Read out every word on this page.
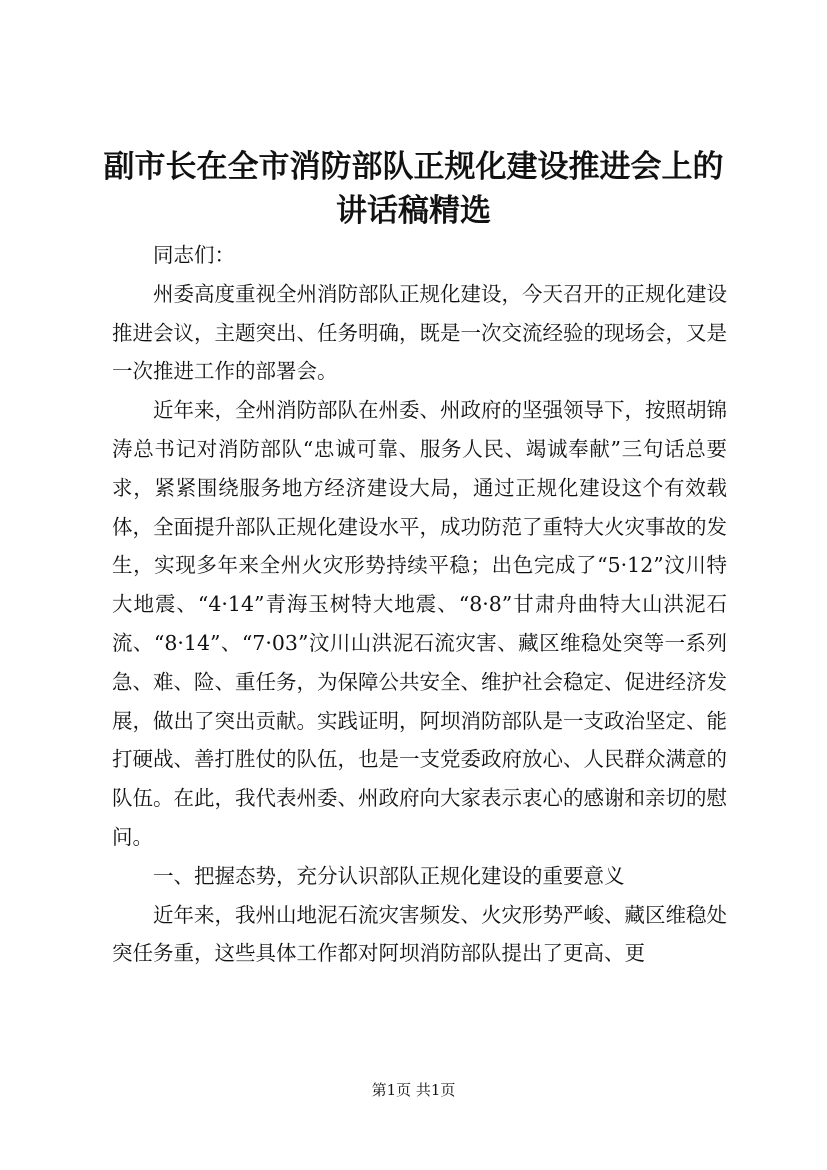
副市长在全市消防部队正规化建设推进会上的讲话稿精选

同志们：

州委高度重视全州消防部队正规化建设，今天召开的正规化建设推进会议，主题突出、任务明确，既是一次交流经验的现场会，又是一次推进工作的部署会。

近年来，全州消防部队在州委、州政府的坚强领导下，按照胡锦涛总书记对消防部队“忠诚可靠、服务人民、竭诚奉献”三句话总要求，紧紧围绕服务地方经济建设大局，通过正规化建设这个有效载体，全面提升部队正规化建设水平，成功防范了重特大火灾事故的发生，实现多年来全州火灾形势持续平稳；出色完成了“5·12”汶川特大地震、“4·14”青海玉树特大地震、“8·8”甘肃舟曲特大山洪泥石流、“8·14”、“7·03”汶川山洪泥石流灾害、藏区维稳处突等一系列急、难、险、重任务，为保障公共安全、维护社会稳定、促进经济发展，做出了突出贡献。实践证明，阿坝消防部队是一支政治坚定、能打硬战、善打胜仗的队伍，也是一支党委政府放心、人民群众满意的队伍。在此，我代表州委、州政府向大家表示衷心的感谢和亲切的慰问。

一、把握态势，充分认识部队正规化建设的重要意义

近年来，我州山地泥石流灾害频发、火灾形势严峻、藏区维稳处突任务重，这些具体工作都对阿坝消防部队提出了更高、更

第1页 共1页
